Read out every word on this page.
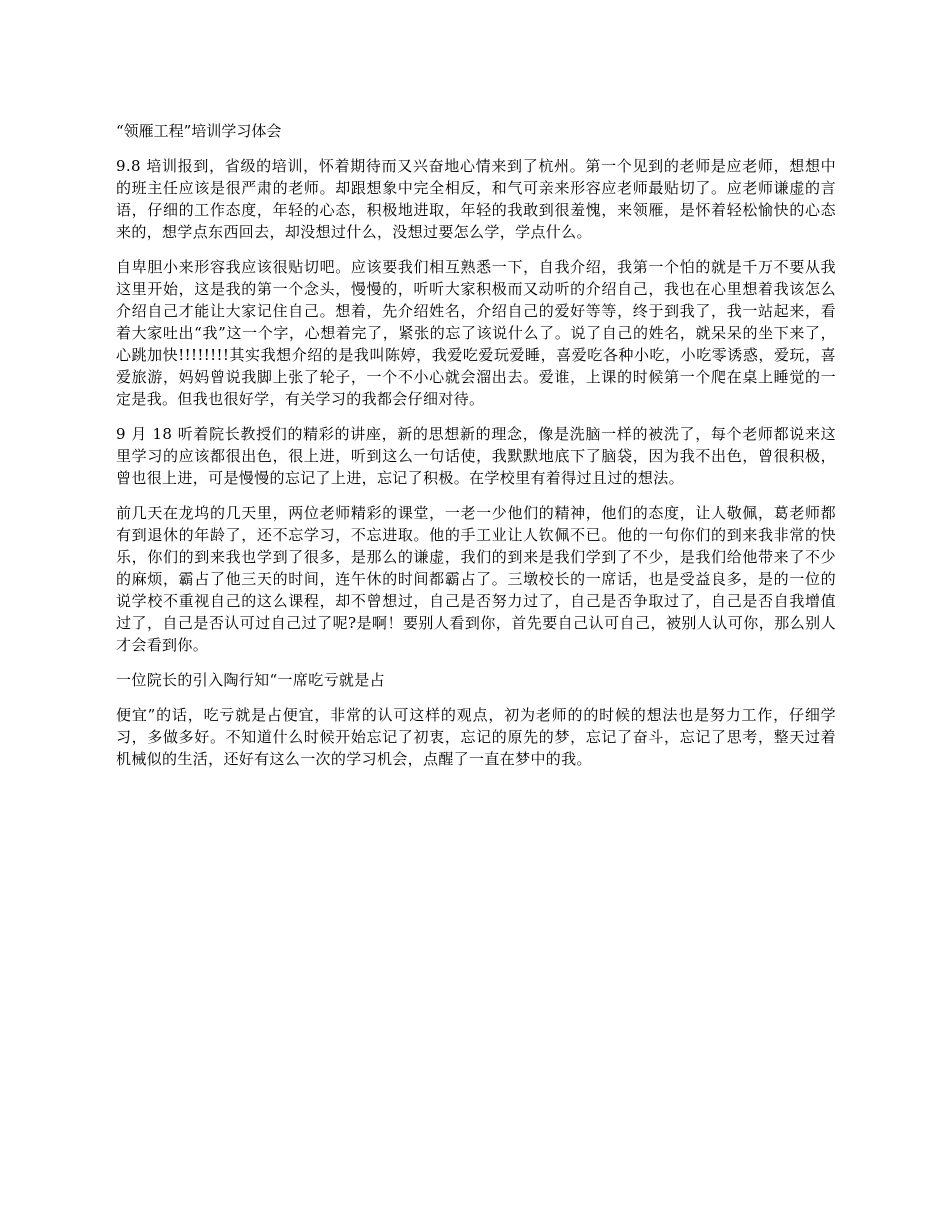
“领雁工程”培训学习体会

9.8 培训报到，省级的培训，怀着期待而又兴奋地心情来到了杭州。第一个见到的老师是应老师，想想中的班主任应该是很严肃的老师。却跟想象中完全相反，和气可亲来形容应老师最贴切了。应老师谦虚的言语，仔细的工作态度，年轻的心态，积极地进取，年轻的我敢到很羞愧，来领雁，是怀着轻松愉快的心态来的，想学点东西回去，却没想过什么，没想过要怎么学，学点什么。

自卑胆小来形容我应该很贴切吧。应该要我们相互熟悉一下，自我介绍，我第一个怕的就是千万不要从我这里开始，这是我的第一个念头，慢慢的，听听大家积极而又动听的介绍自己，我也在心里想着我该怎么介绍自己才能让大家记住自己。想着，先介绍姓名，介绍自己的爱好等等，终于到我了，我一站起来，看着大家吐出“我”这一个字，心想着完了，紧张的忘了该说什么了。说了自己的姓名，就呆呆的坐下来了，心跳加快!!!!!!!!其实我想介绍的是我叫陈婷，我爱吃爱玩爱睡，喜爱吃各种小吃，小吃零诱惑，爱玩，喜爱旅游，妈妈曾说我脚上张了轮子，一个不小心就会溜出去。爱谁，上课的时候第一个爬在桌上睡觉的一定是我。但我也很好学，有关学习的我都会仔细对待。

9 月 18 听着院长教授们的精彩的讲座，新的思想新的理念，像是洗脑一样的被洗了，每个老师都说来这里学习的应该都很出色，很上进，听到这么一句话使，我默默地底下了脑袋，因为我不出色，曾很积极，曾也很上进，可是慢慢的忘记了上进，忘记了积极。在学校里有着得过且过的想法。

前几天在龙坞的几天里，两位老师精彩的课堂，一老一少他们的精神，他们的态度，让人敬佩，葛老师都有到退休的年龄了，还不忘学习，不忘进取。他的手工业让人钦佩不已。他的一句你们的到来我非常的快乐，你们的到来我也学到了很多，是那么的谦虚，我们的到来是我们学到了不少，是我们给他带来了不少的麻烦，霸占了他三天的时间，连午休的时间都霸占了。三墩校长的一席话，也是受益良多，是的一位的说学校不重视自己的这么课程，却不曾想过，自己是否努力过了，自己是否争取过了，自己是否自我增值过了，自己是否认可过自己过了呢?是啊！要别人看到你，首先要自己认可自己，被别人认可你，那么别人才会看到你。

一位院长的引入陶行知“一席吃亏就是占

便宜”的话，吃亏就是占便宜，非常的认可这样的观点，初为老师的的时候的想法也是努力工作，仔细学习，多做多好。不知道什么时候开始忘记了初衷，忘记的原先的梦，忘记了奋斗，忘记了思考，整天过着机械似的生活，还好有这么一次的学习机会，点醒了一直在梦中的我。
